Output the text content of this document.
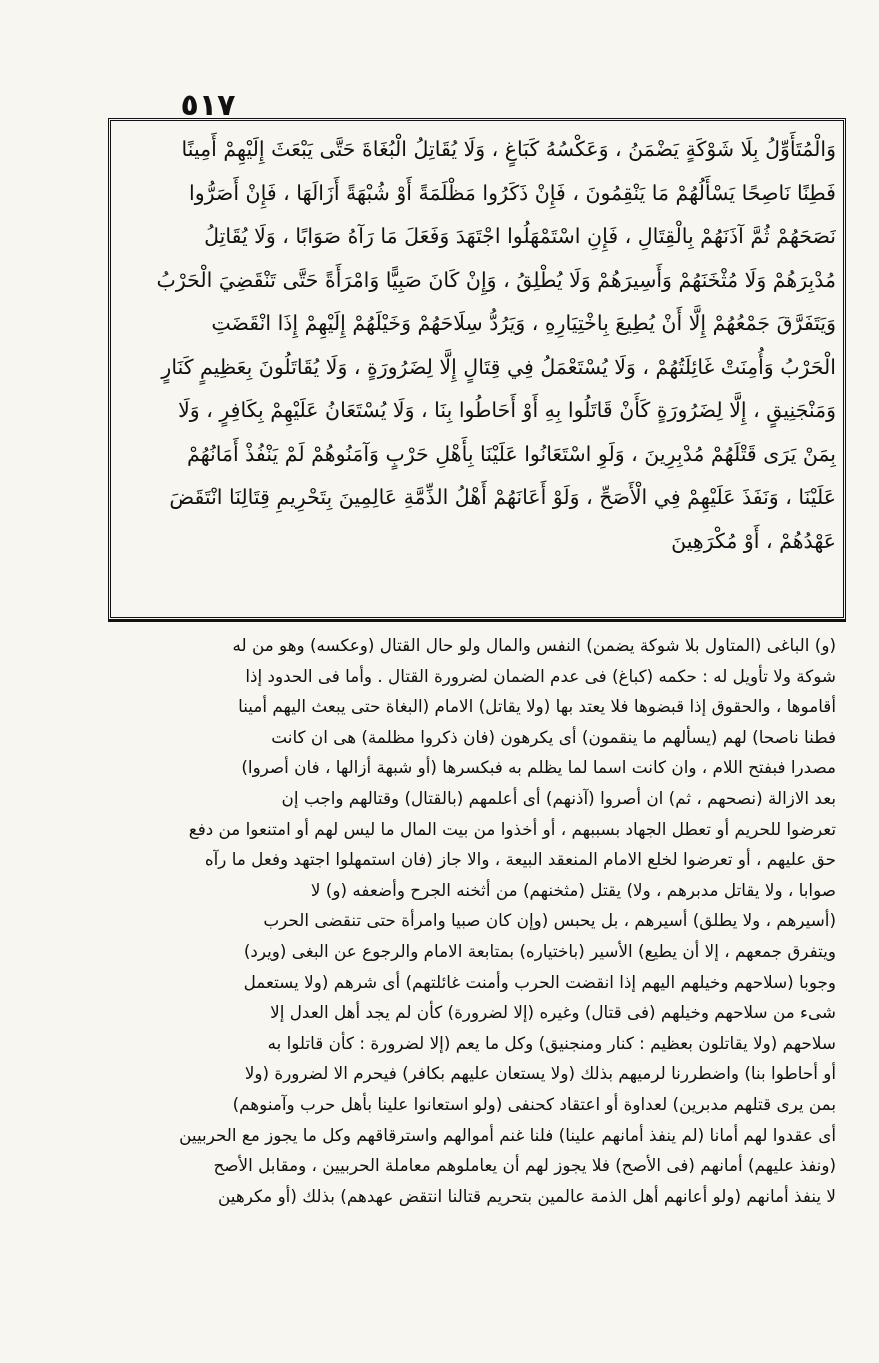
٥١٧
وَالْمُتَأَوِّلُ بِلَا شَوْكَةٍ يَضْمَنُ ، وَعَكْسُهُ كَبَاغٍ ، وَلَا يُقَاتِلُ الْبُغَاةَ حَتَّى يَبْعَثَ إِلَيْهِمْ أَمِينًا
فَطِنًا نَاصِحًا يَسْأَلُهُمْ مَا يَنْقِمُونَ ، فَإِنْ ذَكَرُوا مَظْلَمَةً أَوْ شُبْهَةً أَزَالَهَا ، فَإِنْ أَصَرُّوا
نَصَحَهُمْ ثُمَّ آذَنَهُمْ بِالْقِتَالِ ، فَإِنِ اسْتَمْهَلُوا اجْتَهَدَ وَفَعَلَ مَا رَآهُ صَوَابًا ، وَلَا يُقَاتِلُ
مُدْبِرَهُمْ وَلَا مُثْخَنَهُمْ وَأَسِيرَهُمْ وَلَا يُطْلِقُ ، وَإِنْ كَانَ صَبِيًّا وَامْرَأَةً حَتَّى تَنْقَضِيَ الْحَرْبُ
وَيَتَفَرَّقَ جَمْعُهُمْ إِلَّا أَنْ يُطِيعَ بِاخْتِيَارِهِ ، وَيَرُدُّ سِلَاحَهُمْ وَخَيْلَهُمْ إِلَيْهِمْ إِذَا انْقَضَتِ
الْحَرْبُ وَأُمِنَتْ غَائِلَتُهُمْ ، وَلَا يُسْتَعْمَلُ فِي قِتَالٍ إِلَّا لِضَرُورَةٍ ، وَلَا يُقَاتَلُونَ بِعَظِيمٍ كَنَارٍ
وَمَنْجَنِيقٍ ، إِلَّا لِضَرُورَةٍ كَأَنْ قَاتَلُوا بِهِ أَوْ أَحَاطُوا بِنَا ، وَلَا يُسْتَعَانُ عَلَيْهِمْ بِكَافِرٍ ، وَلَا
بِمَنْ يَرَى قَتْلَهُمْ مُدْبِرِينَ ، وَلَوِ اسْتَعَانُوا عَلَيْنَا بِأَهْلِ حَرْبٍ وَآمَنُوهُمْ لَمْ يَنْفُذْ أَمَانُهُمْ
عَلَيْنَا ، وَنَفَذَ عَلَيْهِمْ فِي الْأَصَحِّ ، وَلَوْ أَعَانَهُمْ أَهْلُ الذِّمَّةِ عَالِمِينَ بِتَحْرِيمِ قِتَالِنَا انْتَقَضَ
عَهْدُهُمْ ، أَوْ مُكْرَهِينَ
(و) الباغى (المتاول بلا شوكة يضمن) النفس والمال ولو حال القتال (وعكسه) وهو من له
شوكة ولا تأويل له : حكمه (كباغ) فى عدم الضمان لضرورة القتال . وأما فى الحدود إذا
أقاموها ، والحقوق إذا قبضوها فلا يعتد بها (ولا يقاتل) الامام (البغاة حتى يبعث اليهم أمينا
فطنا ناصحا) لهم (يسألهم ما ينقمون) أى يكرهون (فان ذكروا مظلمة) هى ان كانت
مصدرا فبفتح اللام ، وان كانت اسما لما يظلم به فبكسرها (أو شبهة أزالها ، فان أصروا)
بعد الازالة (نصحهم ، ثم) ان أصروا (آذنهم) أى أعلمهم (بالقتال) وقتالهم واجب إن
تعرضوا للحريم أو تعطل الجهاد بسببهم ، أو أخذوا من بيت المال ما ليس لهم أو امتنعوا من دفع
حق عليهم ، أو تعرضوا لخلع الامام المنعقد البيعة ، والا جاز (فان استمهلوا اجتهد وفعل ما رآه
صوابا ، ولا يقاتل مدبرهم ، ولا) يقتل (مثخنهم) من أثخنه الجرح وأضعفه (و) لا
(أسيرهم ، ولا يطلق) أسيرهم ، بل يحبس (وإن كان صبيا وامرأة حتى تنقضى الحرب
ويتفرق جمعهم ، إلا أن يطيع) الأسير (باختياره) بمتابعة الامام والرجوع عن البغى (ويرد)
وجوبا (سلاحهم وخيلهم اليهم إذا انقضت الحرب وأمنت غائلتهم) أى شرهم (ولا يستعمل
شىء من سلاحهم وخيلهم (فى قتال) وغيره (إلا لضرورة) كأن لم يجد أهل العدل إلا
سلاحهم (ولا يقاتلون بعظيم : كنار ومنجنيق) وكل ما يعم (إلا لضرورة : كأن قاتلوا به
أو أحاطوا بنا) واضطررنا لرميهم بذلك (ولا يستعان عليهم بكافر) فيحرم الا لضرورة (ولا
بمن يرى قتلهم مدبرين) لعداوة أو اعتقاد كحنفى (ولو استعانوا علينا بأهل حرب وآمنوهم)
أى عقدوا لهم أمانا (لم ينفذ أمانهم علينا) فلنا غنم أموالهم واسترقاقهم وكل ما يجوز مع الحربيين
(ونفذ عليهم) أمانهم (فى الأصح) فلا يجوز لهم أن يعاملوهم معاملة الحربيين ، ومقابل الأصح
لا ينفذ أمانهم (ولو أعانهم أهل الذمة عالمين بتحريم قتالنا انتقض عهدهم) بذلك (أو مكرهين
